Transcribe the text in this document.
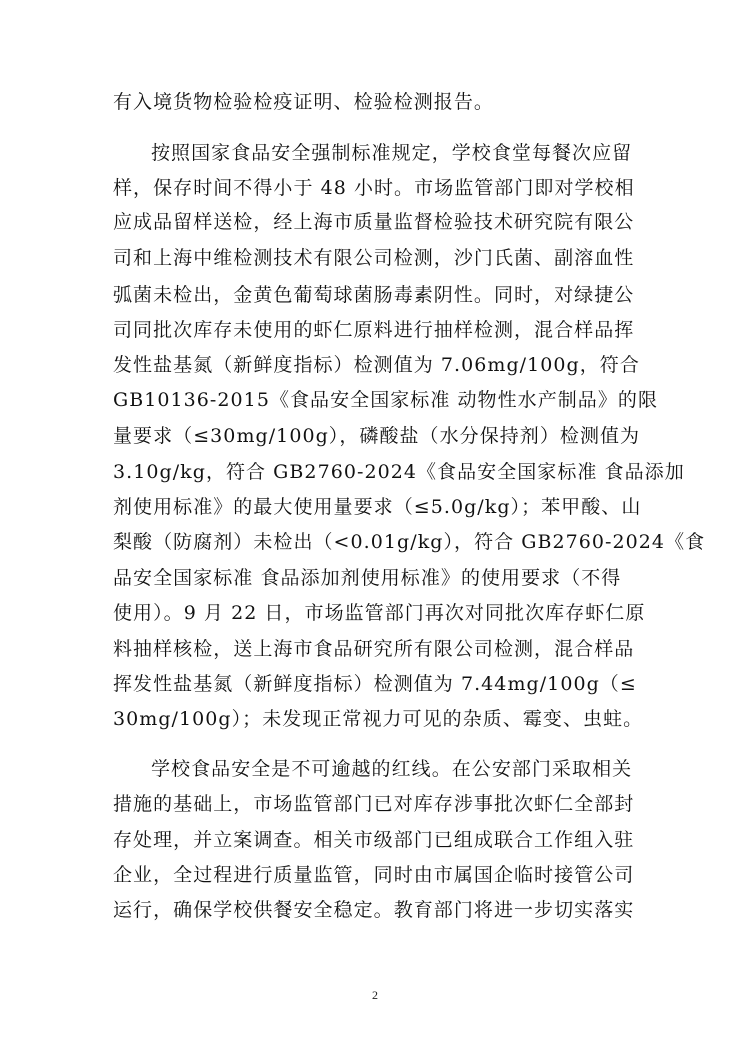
有入境货物检验检疫证明、检验检测报告。

按照国家食品安全强制标准规定，学校食堂每餐次应留

样，保存时间不得小于 48 小时。市场监管部门即对学校相

应成品留样送检，经上海市质量监督检验技术研究院有限公

司和上海中维检测技术有限公司检测，沙门氏菌、副溶血性

弧菌未检出，金黄色葡萄球菌肠毒素阴性。同时，对绿捷公

司同批次库存未使用的虾仁原料进行抽样检测，混合样品挥

发性盐基氮（新鲜度指标）检测值为 7.06mg/100g，符合

GB10136-2015《食品安全国家标准 动物性水产制品》的限

量要求（≤30mg/100g），磷酸盐（水分保持剂）检测值为

3.10g/kg，符合 GB2760-2024《食品安全国家标准 食品添加

剂使用标准》的最大使用量要求（≤5.0g/kg）；苯甲酸、山

梨酸（防腐剂）未检出（<0.01g/kg），符合 GB2760-2024《食

品安全国家标准 食品添加剂使用标准》的使用要求（不得

使用）。9 月 22 日，市场监管部门再次对同批次库存虾仁原

料抽样核检，送上海市食品研究所有限公司检测，混合样品

挥发性盐基氮（新鲜度指标）检测值为 7.44mg/100g（≤

30mg/100g）；未发现正常视力可见的杂质、霉变、虫蛀。

学校食品安全是不可逾越的红线。在公安部门采取相关

措施的基础上，市场监管部门已对库存涉事批次虾仁全部封

存处理，并立案调查。相关市级部门已组成联合工作组入驻

企业，全过程进行质量监管，同时由市属国企临时接管公司

运行，确保学校供餐安全稳定。教育部门将进一步切实落实

2
